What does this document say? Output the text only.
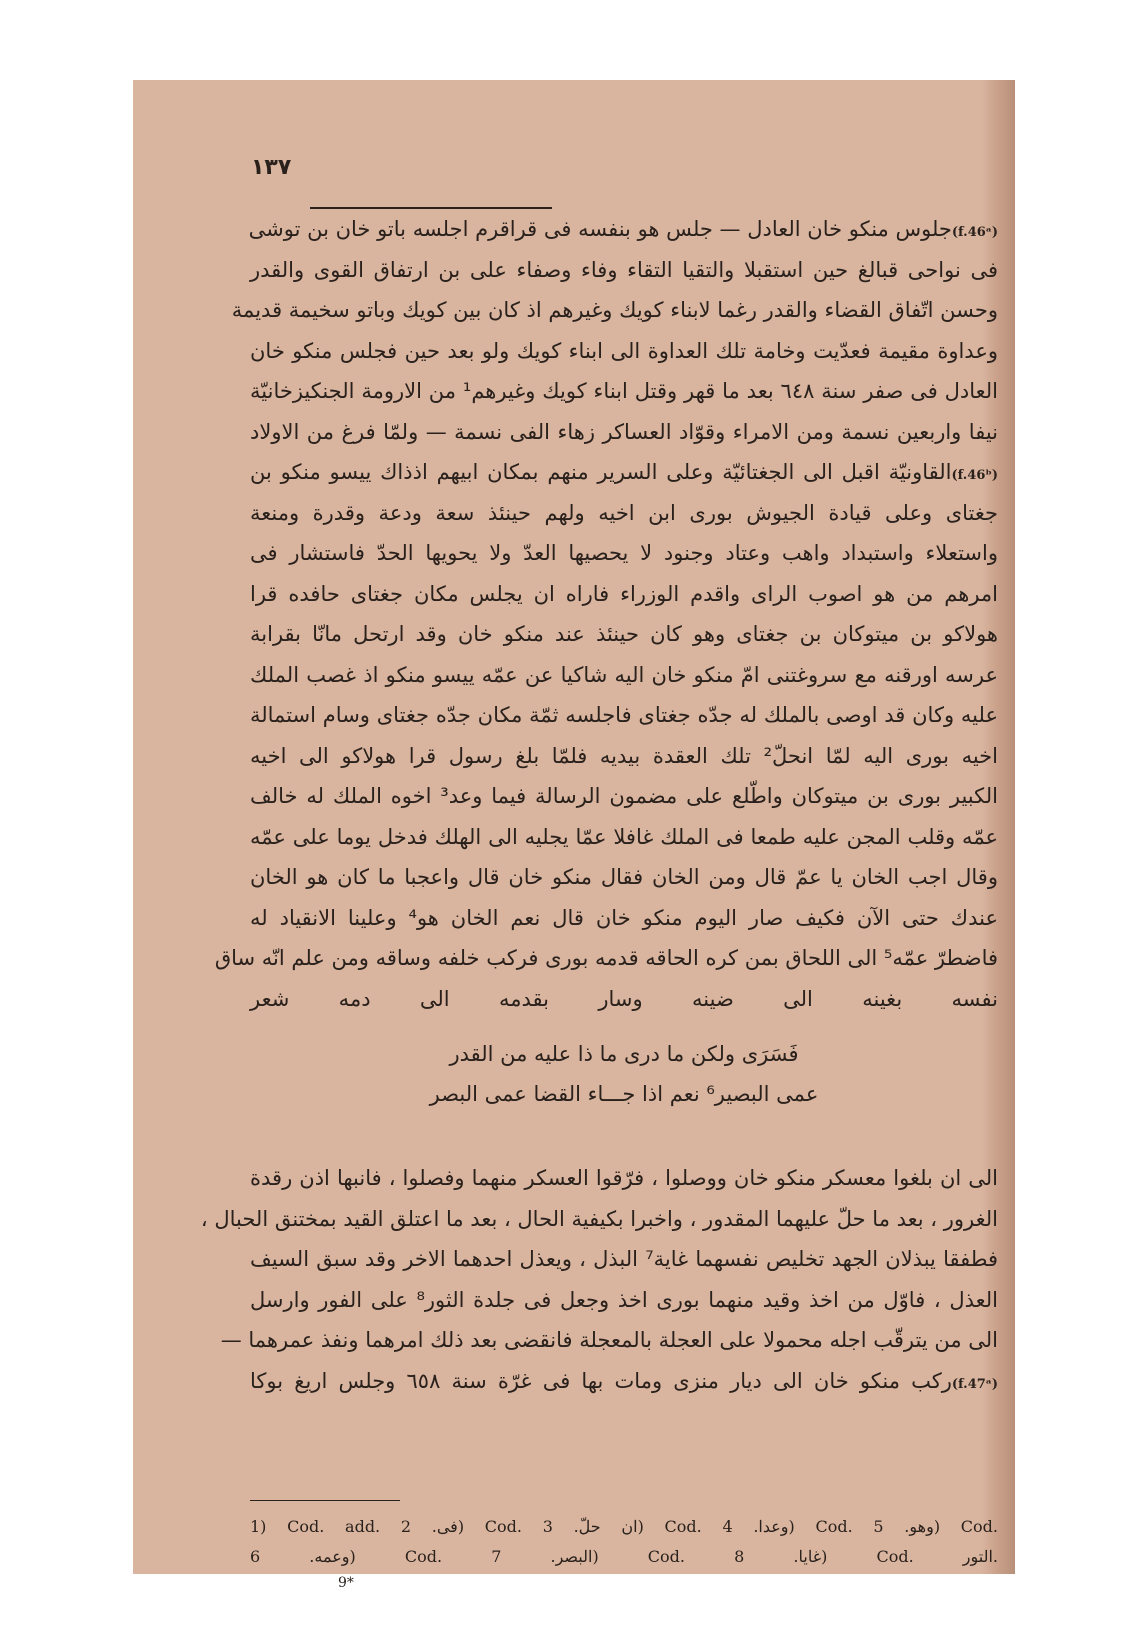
١٣٧
(f.46ᵃ)جلوس منكو خان العادل — جلس هو بنفسه فى قراقرم اجلسه باتو خان بن توشى
فى نواحى قبالغ حين استقبلا والتقيا التقاء وفاء وصفاء على بن ارتفاق القوى والقدر
وحسن اتّفاق القضاء والقدر رغما لابناء كويك وغيرهم اذ كان بين كويك وباتو سخيمة قديمة
وعداوة مقيمة فعدّيت وخامة تلك العداوة الى ابناء كويك ولو بعد حين فجلس منكو خان
العادل فى صفر سنة ٦٤٨ بعد ما قهر وقتل ابناء كويك وغيرهم¹ من الارومة الجنكيزخانيّة
نيفا واربعين نسمة ومن الامراء وقوّاد العساكر زهاء الفى نسمة — ولمّا فرغ من الاولاد
(f.46ᵇ)القاونيّة اقبل الى الجغتائيّة وعلى السرير منهم بمكان ابيهم اذذاك ييسو منكو بن
جغتاى وعلى قيادة الجيوش بورى ابن اخيه ولهم حينئذ سعة ودعة وقدرة ومنعة
واستعلاء واستبداد واهب وعتاد وجنود لا يحصيها العدّ ولا يحويها الحدّ فاستشار فى
امرهم من هو اصوب الراى واقدم الوزراء فاراه ان يجلس مكان جغتاى حافده قرا
هولاكو بن ميتوكان بن جغتاى وهو كان حينئذ عند منكو خان وقد ارتحل مانّا بقرابة
عرسه اورقنه مع سروغتنى امّ منكو خان اليه شاكيا عن عمّه ييسو منكو اذ غصب الملك
عليه وكان قد اوصى بالملك له جدّه جغتاى فاجلسه ثمّة مكان جدّه جغتاى وسام استمالة
اخيه بورى اليه لمّا انحلّ² تلك العقدة بيديه فلمّا بلغ رسول قرا هولاكو الى اخيه
الكبير بورى بن ميتوكان واطّلع على مضمون الرسالة فيما وعد³ اخوه الملك له خالف
عمّه وقلب المجن عليه طمعا فى الملك غافلا عمّا يجليه الى الهلك فدخل يوما على عمّه
وقال اجب الخان يا عمّ قال ومن الخان فقال منكو خان قال واعجبا ما كان هو الخان
عندك حتى الآن فكيف صار اليوم منكو خان قال نعم الخان هو⁴ وعلينا الانقياد له
فاضطرّ عمّه⁵ الى اللحاق بمن كره الحاقه قدمه بورى فركب خلفه وساقه ومن علم انّه ساق
نفسه بغينه الى ضينه وسار بقدمه الى دمه شعر
فَسَرَى ولكن ما درى ما ذا عليه من القدر
عمى البصير⁶ نعم اذا جـــاء القضا عمى البصر
الى ان بلغوا معسكر منكو خان ووصلوا ، فرّقوا العسكر منهما وفصلوا ، فانبها اذن رقدة
الغرور ، بعد ما حلّ عليهما المقدور ، واخبرا بكيفية الحال ، بعد ما اعتلق القيد بمختنق الحبال ،
فطفقا يبذلان الجهد تخليص نفسهما غاية⁷ البذل ، ويعذل احدهما الاخر وقد سبق السيف
العذل ، فاوّل من اخذ وقيد منهما بورى اخذ وجعل فى جلدة الثور⁸ على الفور وارسل
الى من يترقّب اجله محمولا على العجلة بالمعجلة فانقضى بعد ذلك امرهما ونفذ عمرهما —
(f.47ᵃ)ركب منكو خان الى ديار منزى ومات بها فى غرّة سنة ٦٥٨ وجلس اريغ بوكا
1) Cod. add. فى. 2) Cod. ان حلّ. 3) Cod. وعدا. 4) Cod. وهو. 5) Cod.
وعمه. 6) Cod. البصر. 7) Cod. غايا. 8) Cod. التور.
9*
